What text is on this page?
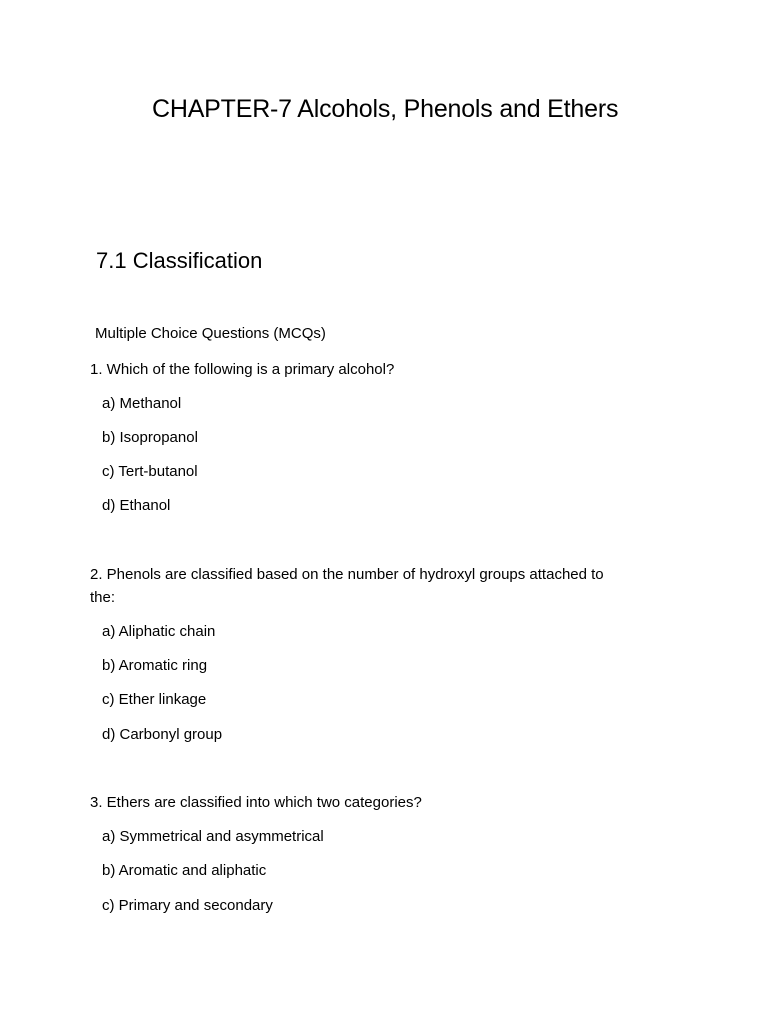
CHAPTER-7 Alcohols, Phenols and Ethers
7.1 Classification
Multiple Choice Questions (MCQs)
1. Which of the following is a primary alcohol?
a) Methanol
b) Isopropanol
c) Tert-butanol
d) Ethanol
2. Phenols are classified based on the number of hydroxyl groups attached to
the:
a) Aliphatic chain
b) Aromatic ring
c) Ether linkage
d) Carbonyl group
3. Ethers are classified into which two categories?
a) Symmetrical and asymmetrical
b) Aromatic and aliphatic
c) Primary and secondary
